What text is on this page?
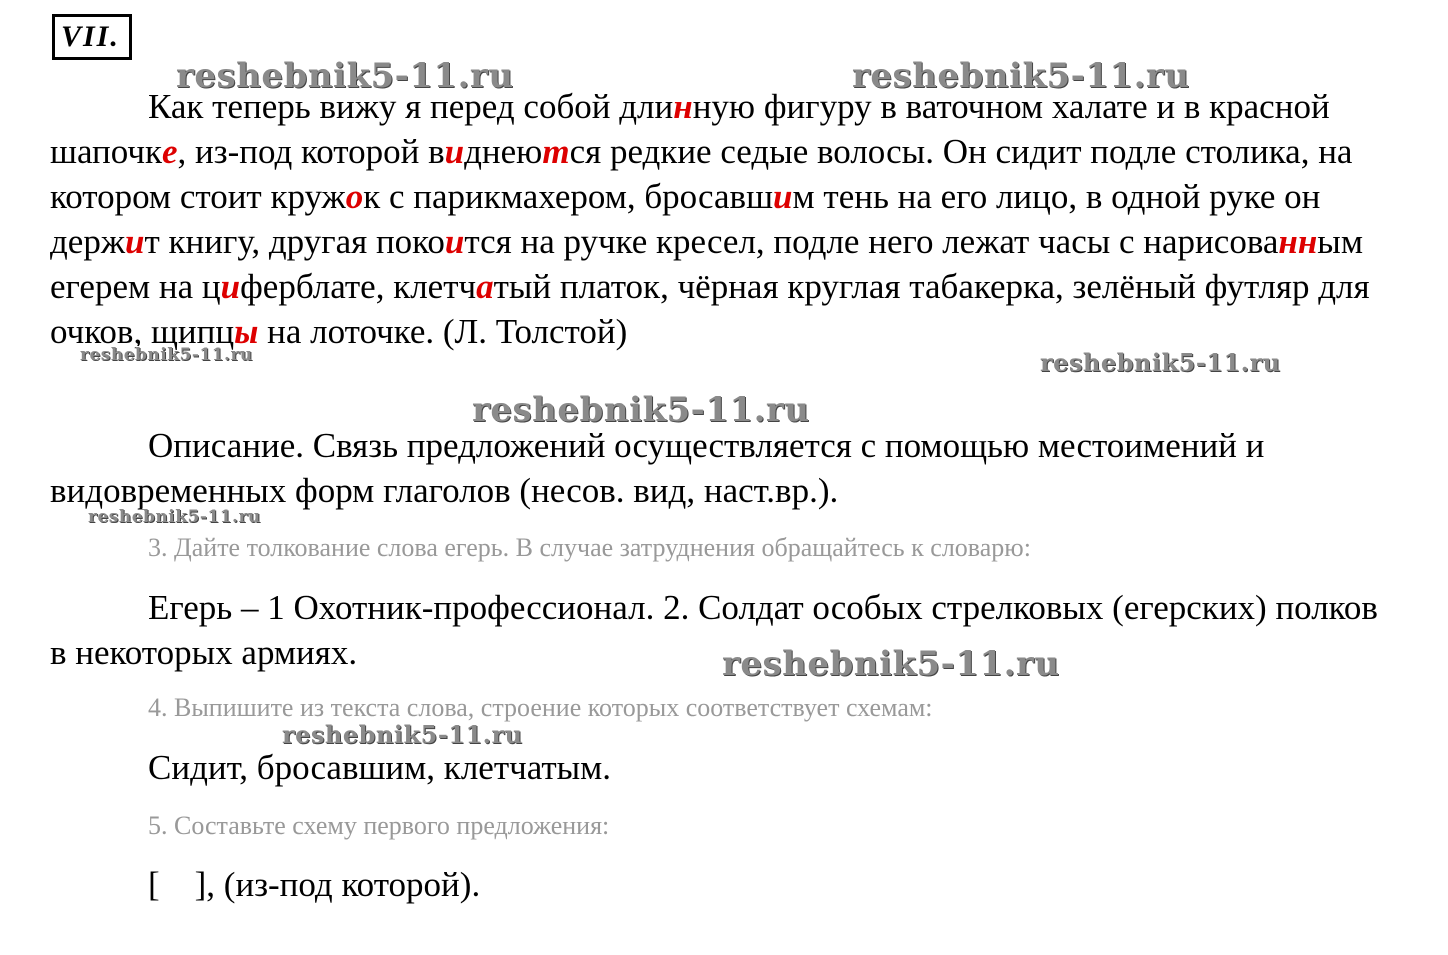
VII.

Как теперь вижу я перед собой длинную фигуру в ваточном халате и в красной шапочке, из-под которой виднеются редкие седые волосы. Он сидит подле столика, на котором стоит кружок с парикмахером, бросавшим тень на его лицо, в одной руке он держит книгу, другая покоится на ручке кресел, подле него лежат часы с нарисованным егерем на циферблате, клетчатый платок, чёрная круглая табакерка, зелёный футляр для очков, щипцы на лоточке. (Л. Толстой)

Описание. Связь предложений осуществляется с помощью местоимений и видовременных форм глаголов (несов. вид, наст.вр.).

3. Дайте толкование слова егерь. В случае затруднения обращайтесь к словарю:

Егерь – 1 Охотник-профессионал. 2. Солдат особых стрелковых (егерских) полков в некоторых армиях.

4. Выпишите из текста слова, строение которых соответствует схемам:

Сидит, бросавшим, клетчатым.

5. Составьте схему первого предложения:

[    ], (из-под которой).

reshebnik5-11.ru	reshebnik5-11.ru
reshebnik5-11.ru	reshebnik5-11.ru
reshebnik5-11.ru
reshebnik5-11.ru
reshebnik5-11.ru
reshebnik5-11.ru
